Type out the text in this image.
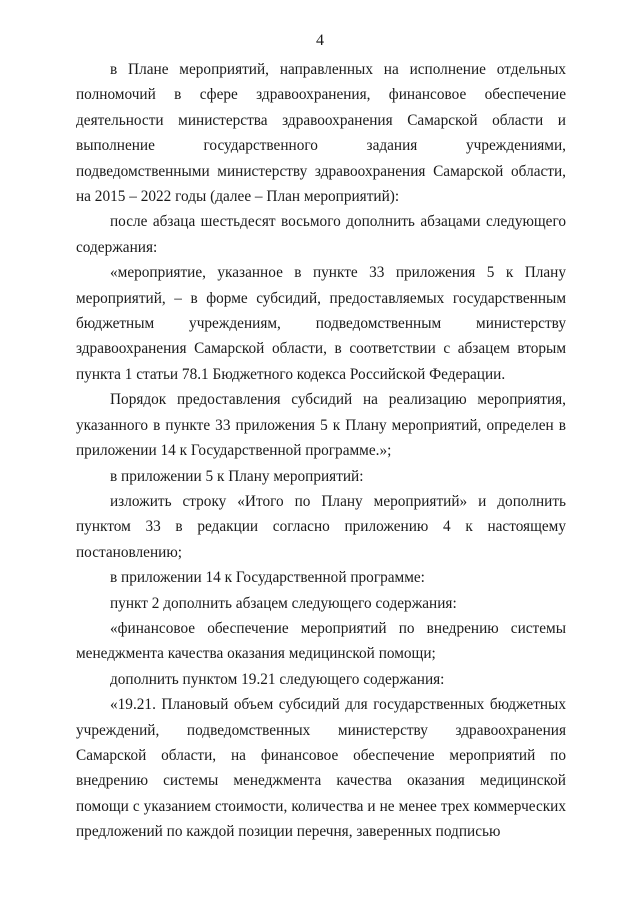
4

в Плане мероприятий, направленных на исполнение отдельных полномочий в сфере здравоохранения, финансовое обеспечение деятельности министерства здравоохранения Самарской области и выполнение государственного задания учреждениями, подведомственными министерству здравоохранения Самарской области, на 2015 – 2022 годы (далее – План мероприятий):

после абзаца шестьдесят восьмого дополнить абзацами следующего содержания:

«мероприятие, указанное в пункте 33 приложения 5 к Плану мероприятий, – в форме субсидий, предоставляемых государственным бюджетным учреждениям, подведомственным министерству здравоохранения Самарской области, в соответствии с абзацем вторым пункта 1 статьи 78.1 Бюджетного кодекса Российской Федерации.

Порядок предоставления субсидий на реализацию мероприятия, указанного в пункте 33 приложения 5 к Плану мероприятий, определен в приложении 14 к Государственной программе.»;

в приложении 5 к Плану мероприятий:

изложить строку «Итого по Плану мероприятий» и дополнить пунктом 33 в редакции согласно приложению 4 к настоящему постановлению;

в приложении 14 к Государственной программе:

пункт 2 дополнить абзацем следующего содержания:

«финансовое обеспечение мероприятий по внедрению системы менеджмента качества оказания медицинской помощи;

дополнить пунктом 19.21 следующего содержания:

«19.21. Плановый объем субсидий для государственных бюджетных учреждений, подведомственных министерству здравоохранения Самарской области, на финансовое обеспечение мероприятий по внедрению системы менеджмента качества оказания медицинской помощи с указанием стоимости, количества и не менее трех коммерческих предложений по каждой позиции перечня, заверенных подписью
